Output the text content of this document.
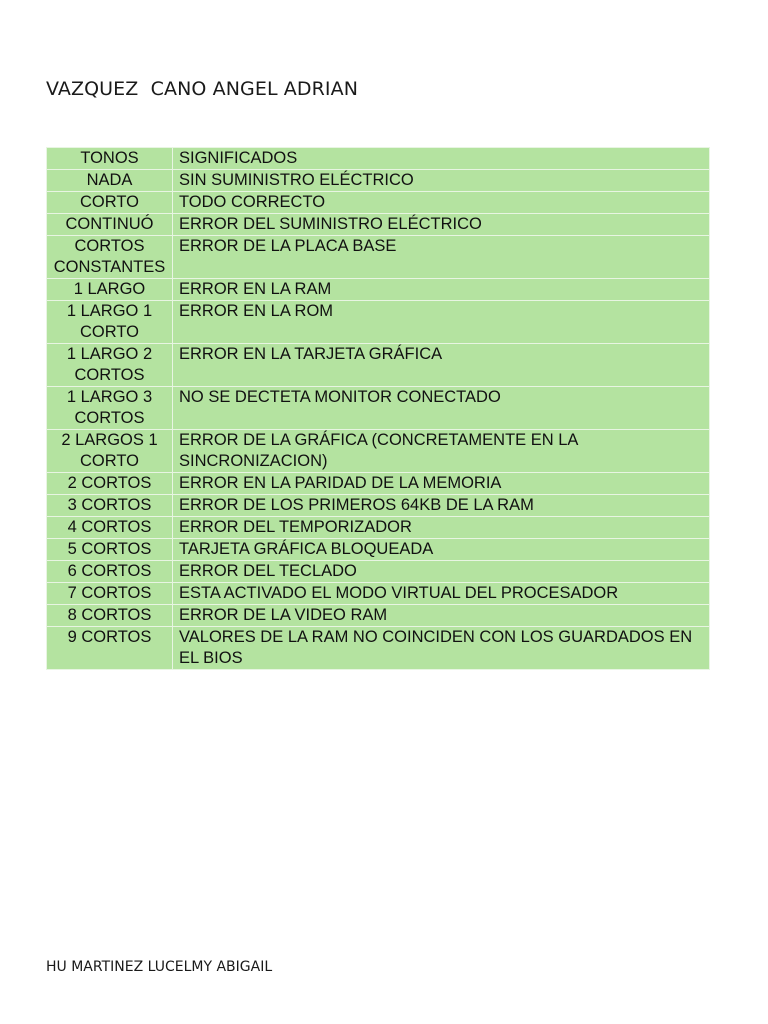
VAZQUEZ  CANO ANGEL ADRIAN
TONOS	SIGNIFICADOS
NADA	SIN SUMINISTRO ELÉCTRICO
CORTO	TODO CORRECTO
CONTINUÓ	ERROR DEL SUMINISTRO ELÉCTRICO
CORTOS CONSTANTES	ERROR DE LA PLACA BASE
1 LARGO	ERROR EN LA RAM
1 LARGO 1 CORTO	ERROR EN LA ROM
1 LARGO 2 CORTOS	ERROR EN LA TARJETA GRÁFICA
1 LARGO 3 CORTOS	NO SE DECTETA MONITOR CONECTADO
2 LARGOS 1 CORTO	ERROR DE LA GRÁFICA (CONCRETAMENTE EN LA SINCRONIZACION)
2 CORTOS	ERROR EN LA PARIDAD DE LA MEMORIA
3 CORTOS	ERROR DE LOS PRIMEROS 64KB DE LA RAM
4 CORTOS	ERROR DEL TEMPORIZADOR
5 CORTOS	TARJETA GRÁFICA BLOQUEADA
6 CORTOS	ERROR DEL TECLADO
7 CORTOS	ESTA ACTIVADO EL MODO VIRTUAL DEL PROCESADOR
8 CORTOS	ERROR DE LA VIDEO RAM
9 CORTOS	VALORES DE LA RAM NO COINCIDEN CON LOS GUARDADOS EN EL BIOS
HU MARTINEZ LUCELMY ABIGAIL
